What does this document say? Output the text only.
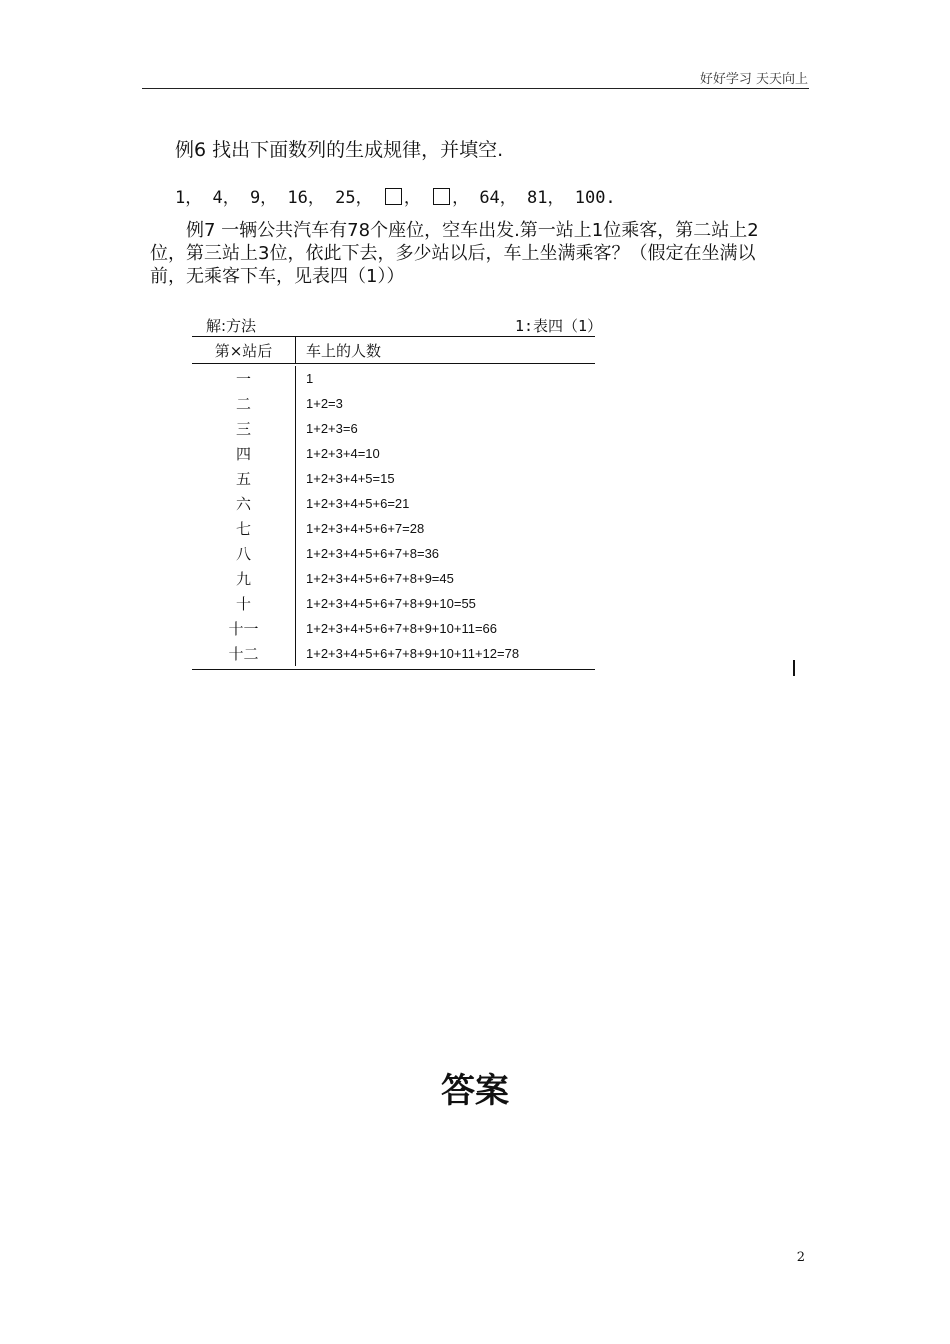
好好学习 天天向上
例6 找出下面数列的生成规律，并填空.
1， 4， 9， 16， 25， ， ， 64， 81， 100.

例7 一辆公共汽车有78个座位，空车出发.第一站上1位乘客，第二站上2

位，第三站上3位，依此下去，多少站以后，车上坐满乘客？（假定在坐满以

前，无乘客下车，见表四（1））

解:方法	1:表四（1）
第×站后	车上的人数
一	1
二	1+2=3
三	1+2+3=6
四	1+2+3+4=10
五	1+2+3+4+5=15
六	1+2+3+4+5+6=21
七	1+2+3+4+5+6+7=28
八	1+2+3+4+5+6+7+8=36
九	1+2+3+4+5+6+7+8+9=45
十	1+2+3+4+5+6+7+8+9+10=55
十一	1+2+3+4+5+6+7+8+9+10+11=66
十二	1+2+3+4+5+6+7+8+9+10+11+12=78
答案
2
